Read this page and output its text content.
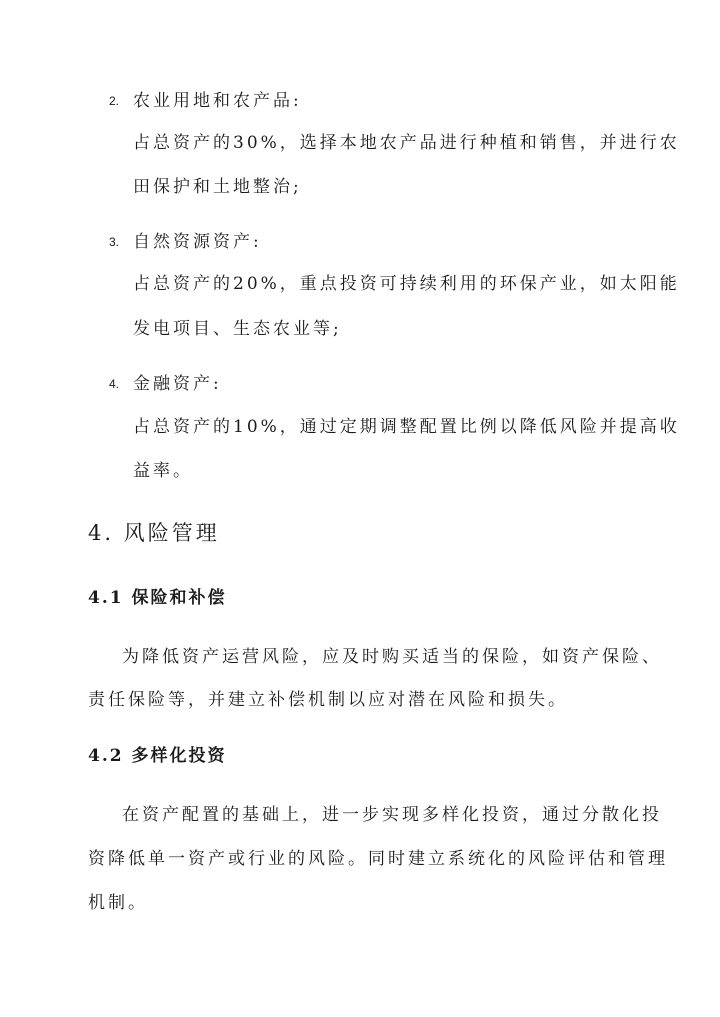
2. 农业用地和农产品:
占总资产的30%，选择本地农产品进行种植和销售，并进行农
田保护和土地整治;
3. 自然资源资产:
占总资产的20%，重点投资可持续利用的环保产业，如太阳能
发电项目、生态农业等;
4. 金融资产:
占总资产的10%，通过定期调整配置比例以降低风险并提高收
益率。
4. 风险管理
4.1 保险和补偿
为降低资产运营风险，应及时购买适当的保险，如资产保险、
责任保险等，并建立补偿机制以应对潜在风险和损失。
4.2 多样化投资
在资产配置的基础上，进一步实现多样化投资，通过分散化投
资降低单一资产或行业的风险。同时建立系统化的风险评估和管理
机制。
